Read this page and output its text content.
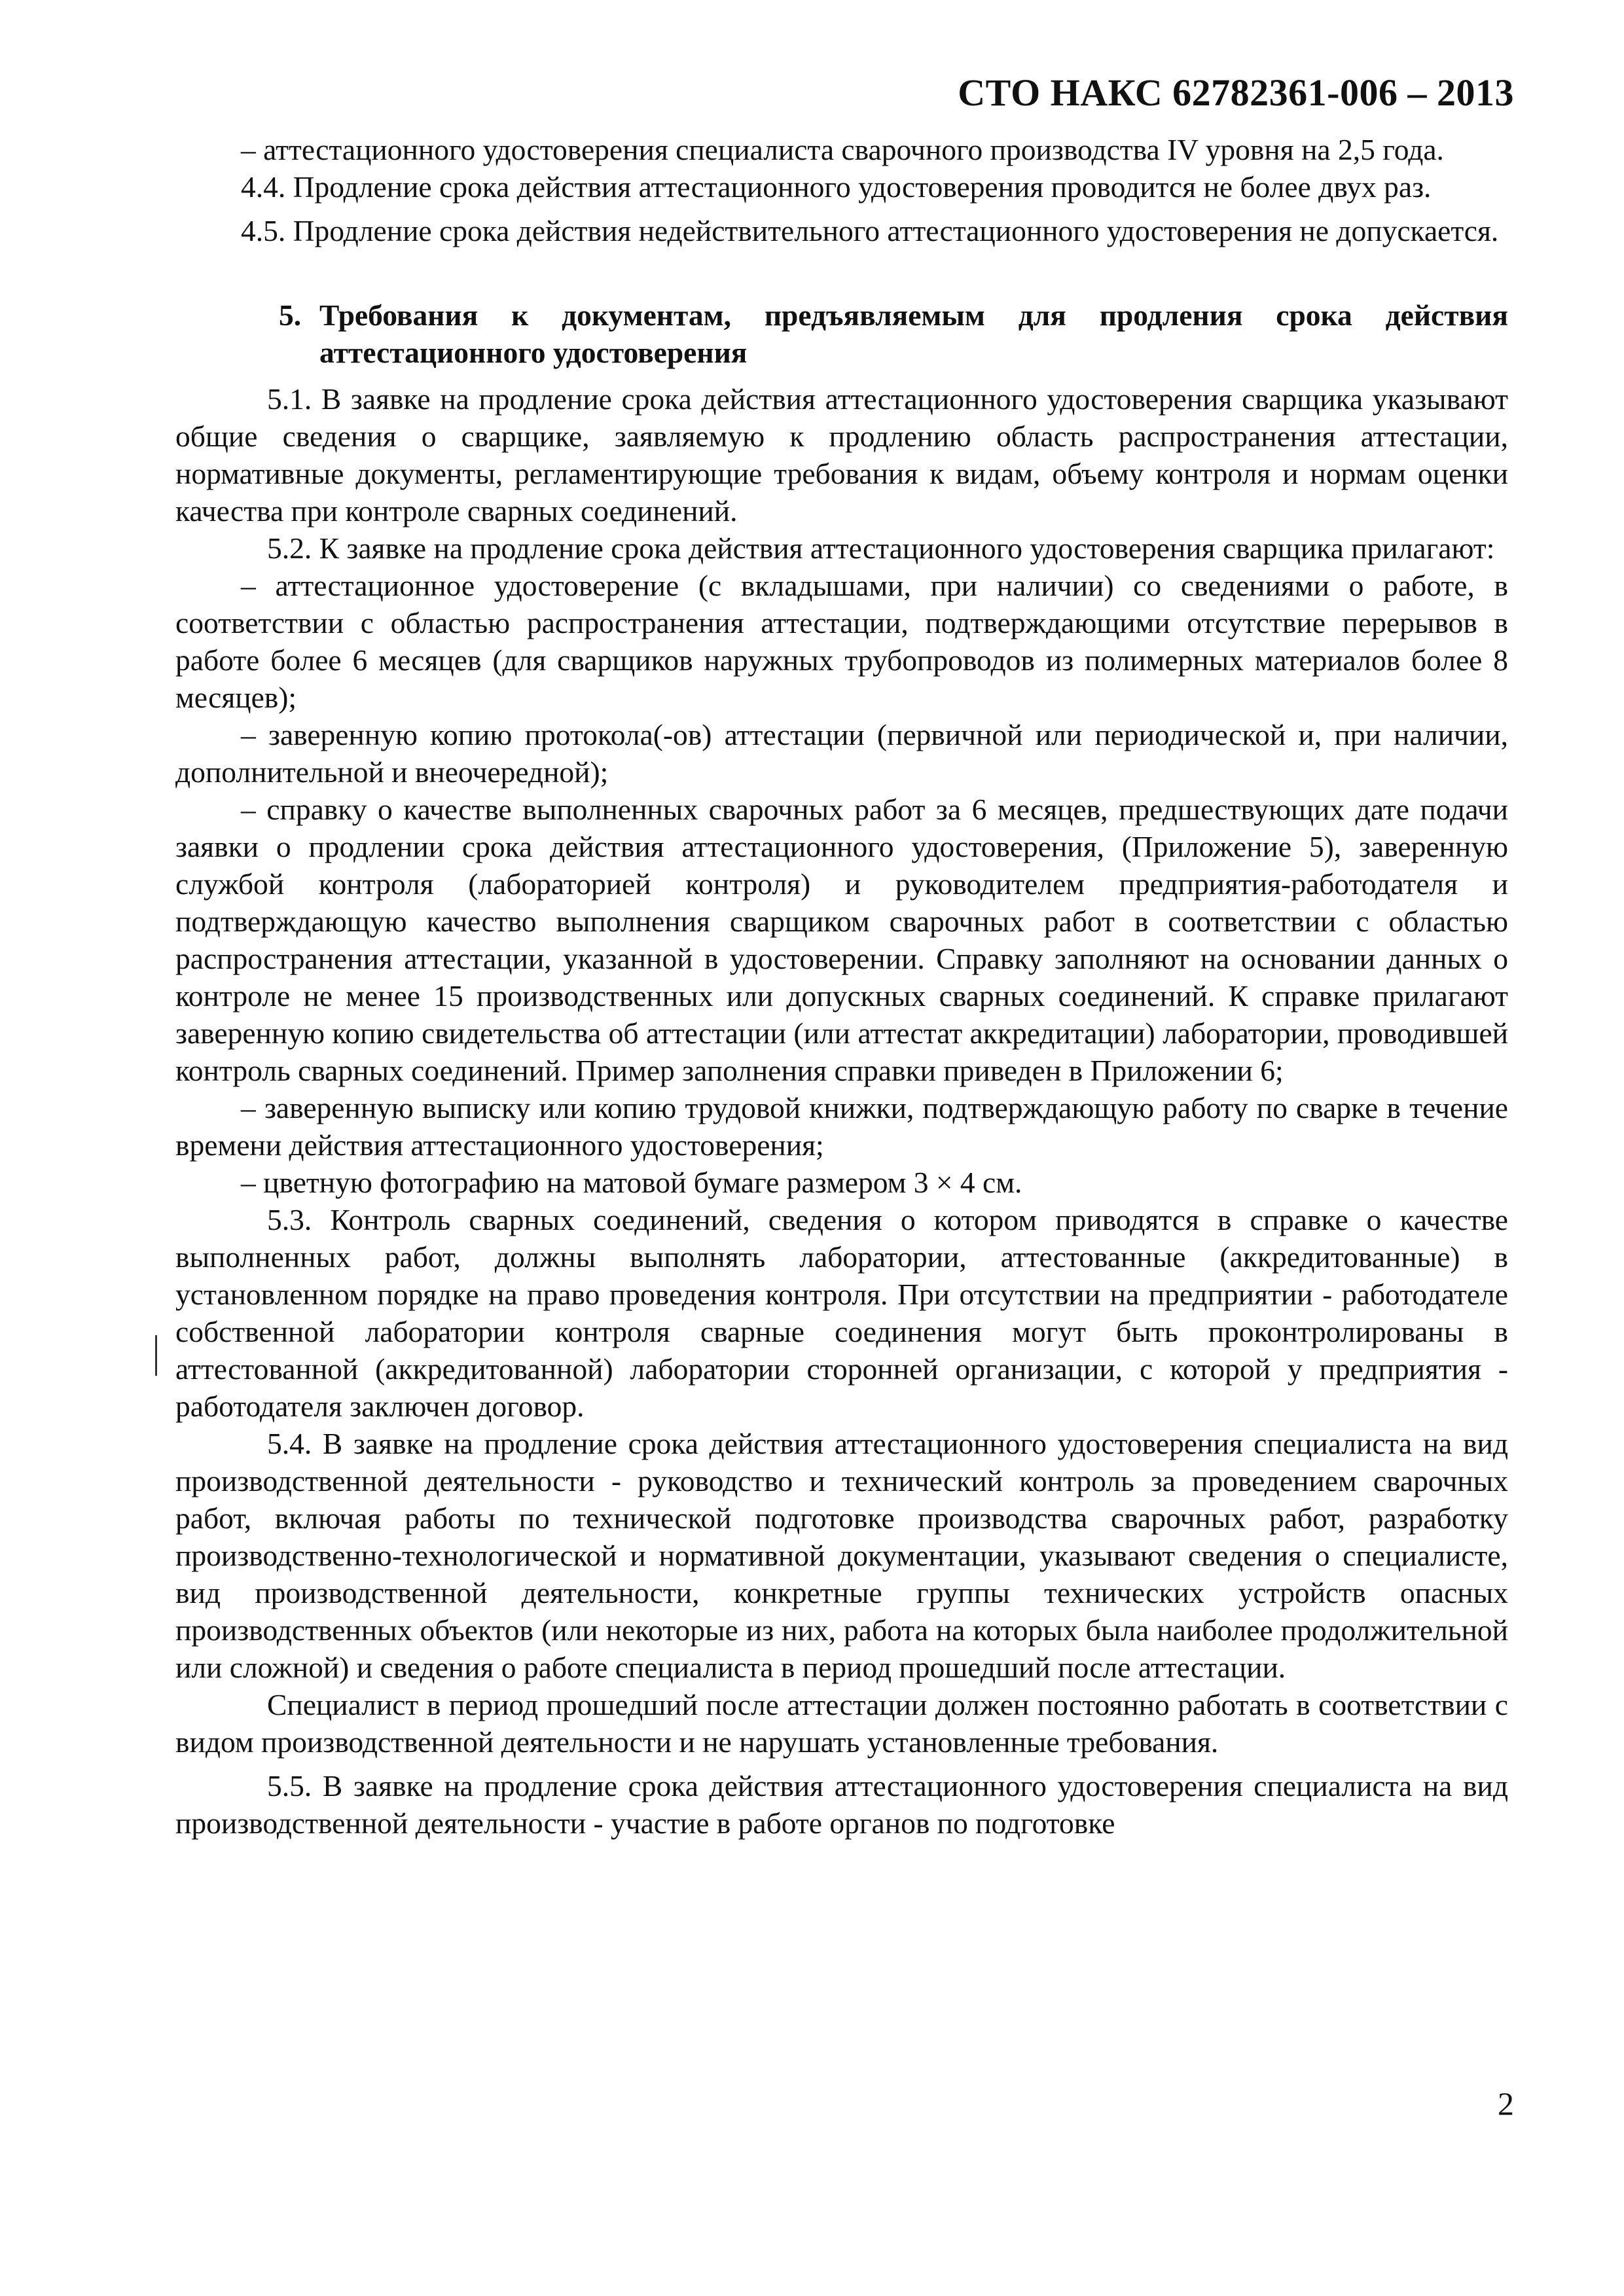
СТО НАКС 62782361-006 – 2013

– аттестационного удостоверения специалиста сварочного производства IV уровня на 2,5 года.

4.4. Продление срока действия аттестационного удостоверения проводится не более двух раз.

4.5. Продление срока действия недействительного аттестационного удостоверения не допускается.

5. Требования к документам, предъявляемым для продления срока действия аттестационного удостоверения

5.1. В заявке на продление срока действия аттестационного удостоверения сварщика указывают общие сведения о сварщике, заявляемую к продлению область распространения аттестации, нормативные документы, регламентирующие требования к видам, объему контроля и нормам оценки качества при контроле сварных соединений.

5.2. К заявке на продление срока действия аттестационного удостоверения сварщика прилагают:

– аттестационное удостоверение (с вкладышами, при наличии) со сведениями о работе, в соответствии с областью распространения аттестации, подтверждающими отсутствие перерывов в работе более 6 месяцев (для сварщиков наружных трубопроводов из полимерных материалов более 8 месяцев);

– заверенную копию протокола(-ов) аттестации (первичной или периодической и, при наличии, дополнительной и внеочередной);

– справку о качестве выполненных сварочных работ за 6 месяцев, предшествующих дате подачи заявки о продлении срока действия аттестационного удостоверения, (Приложение 5), заверенную службой контроля (лабораторией контроля) и руководителем предприятия-работодателя и подтверждающую качество выполнения сварщиком сварочных работ в соответствии с областью распространения аттестации, указанной в удостоверении. Справку заполняют на основании данных о контроле не менее 15 производственных или допускных сварных соединений. К справке прилагают заверенную копию свидетельства об аттестации (или аттестат аккредитации) лаборатории, проводившей контроль сварных соединений. Пример заполнения справки приведен в Приложении 6;

– заверенную выписку или копию трудовой книжки, подтверждающую работу по сварке в течение времени действия аттестационного удостоверения;

– цветную фотографию на матовой бумаге размером 3 × 4 см.

5.3. Контроль сварных соединений, сведения о котором приводятся в справке о качестве выполненных работ, должны выполнять лаборатории, аттестованные (аккредитованные) в установленном порядке на право проведения контроля. При отсутствии на предприятии - работодателе собственной лаборатории контроля сварные соединения могут быть проконтролированы в аттестованной (аккредитованной) лаборатории сторонней организации, с которой у предприятия - работодателя заключен договор.

5.4. В заявке на продление срока действия аттестационного удостоверения специалиста на вид производственной деятельности - руководство и технический контроль за проведением сварочных работ, включая работы по технической подготовке производства сварочных работ, разработку производственно-технологической и нормативной документации, указывают сведения о специалисте, вид производственной деятельности, конкретные группы технических устройств опасных производственных объектов (или некоторые из них, работа на которых была наиболее продолжительной или сложной) и сведения о работе специалиста в период прошедший после аттестации.

Специалист в период прошедший после аттестации должен постоянно работать в соответствии с видом производственной деятельности и не нарушать установленные требования.

5.5. В заявке на продление срока действия аттестационного удостоверения специалиста на вид производственной деятельности - участие в работе органов по подготовке

2
